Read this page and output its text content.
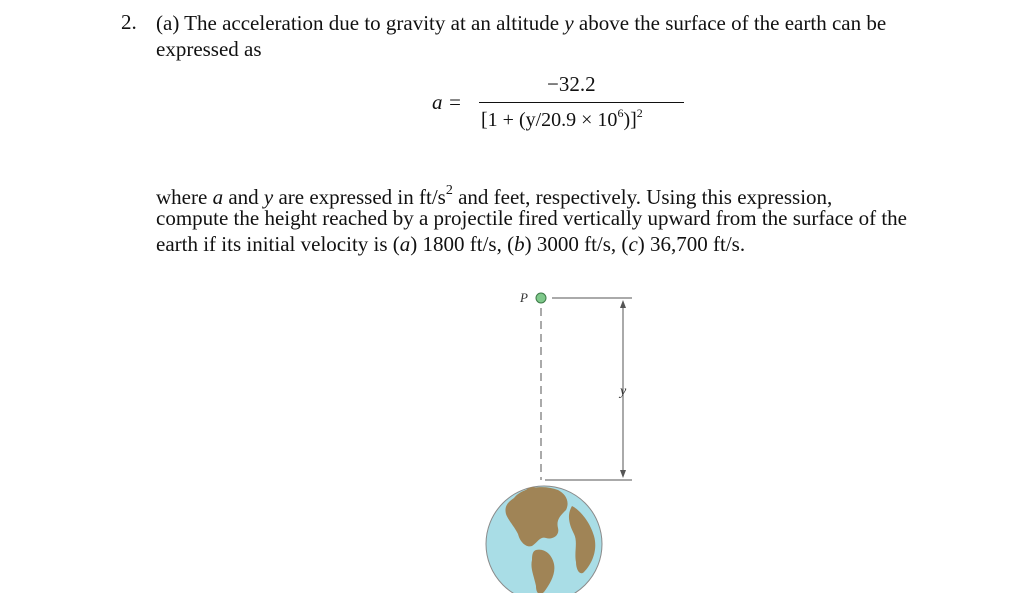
2. (a) The acceleration due to gravity at an altitude y above the surface of the earth can be
expressed as
a =
−32.2
$[1 + (y/20.9 \times 10^6)]^2$
where a and y are expressed in $ft/s^2$ and feet, respectively. Using this expression,
compute the height reached by a projectile fired vertically upward from the surface of the
earth if its initial velocity is (a) 1800 ft/s, (b) 3000 ft/s, (c) 36,700 ft/s.
P
y
